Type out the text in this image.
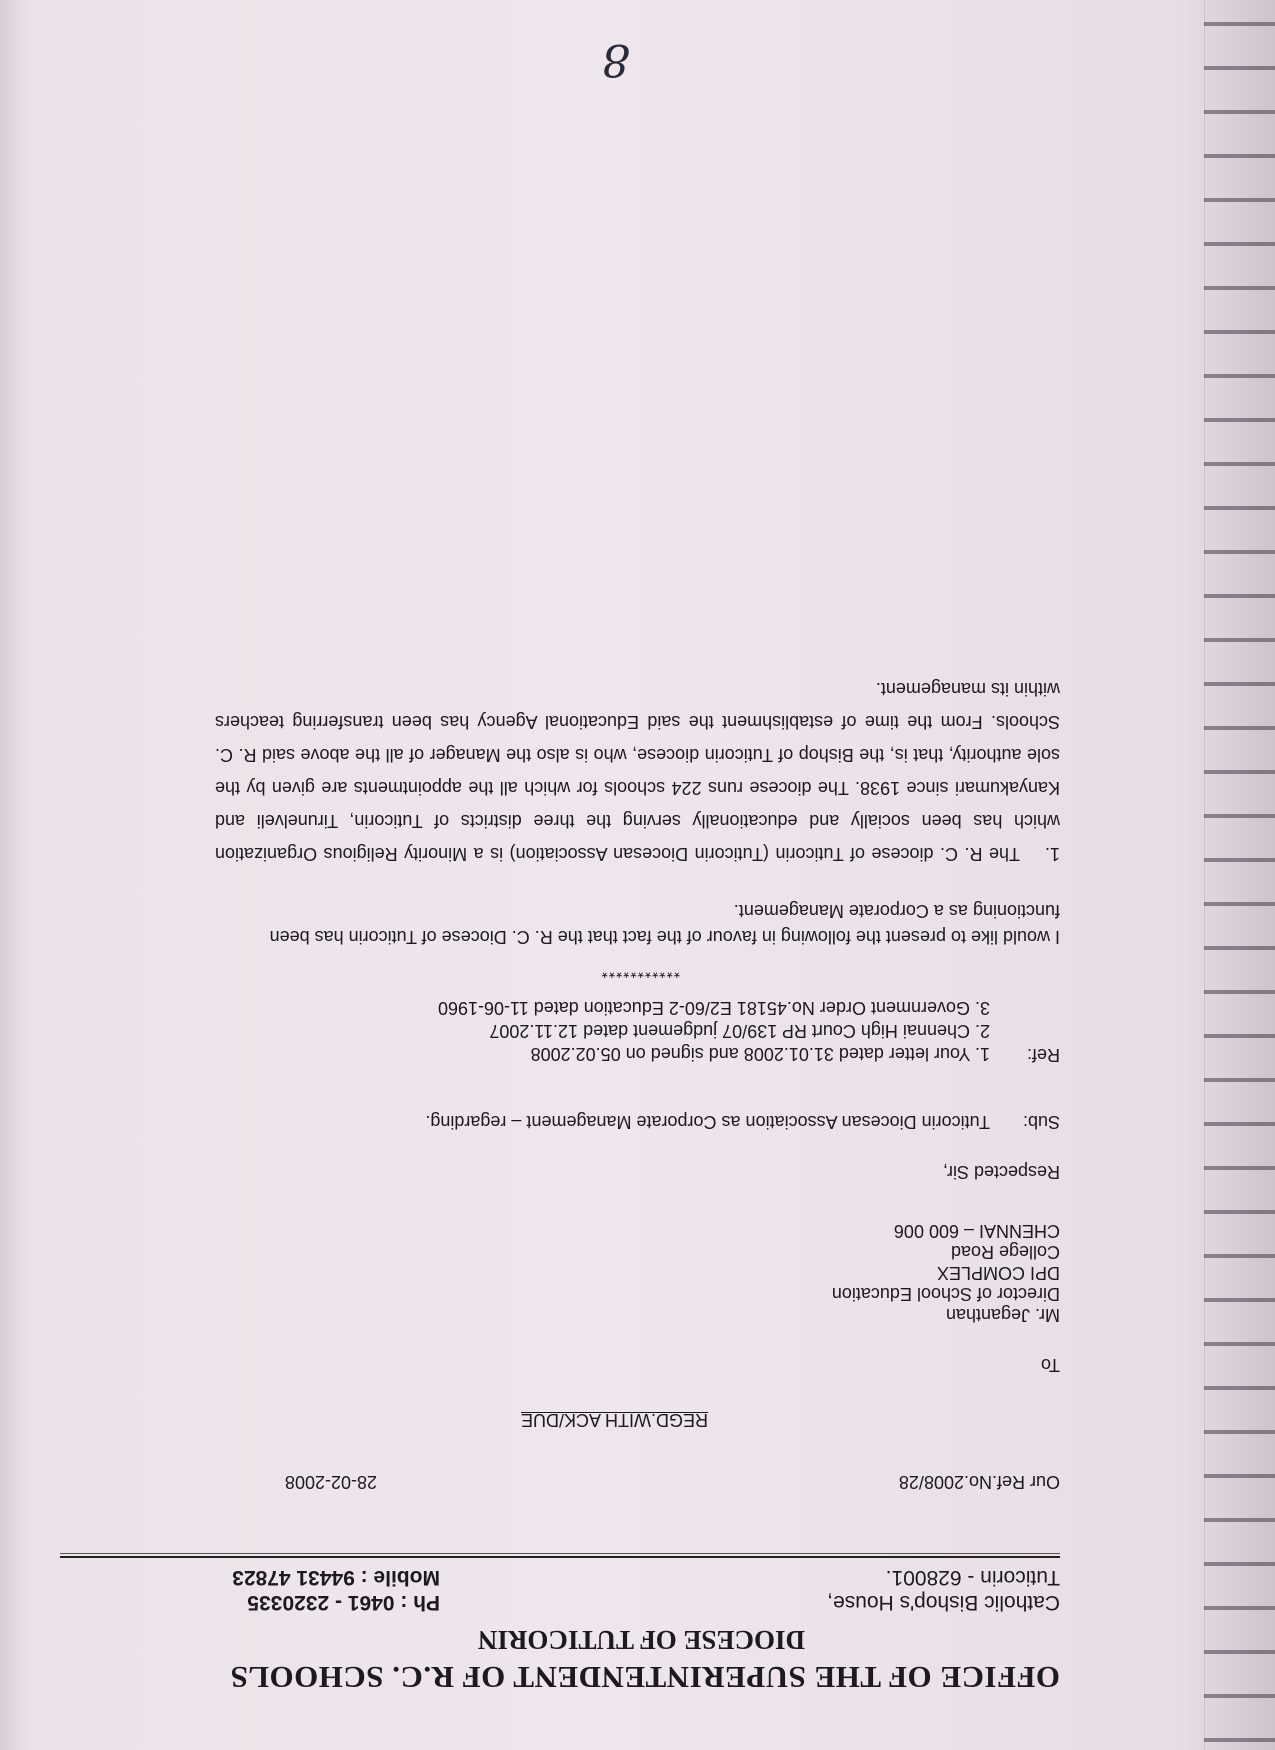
OFFICE OF THE SUPERINTENDENT OF R.C. SCHOOLS
DIOCESE OF TUTICORIN
Catholic Bishop's House,
Tuticorin - 628001.
Ph : 0461 - 2320335
Mobile : 94431 47823
Our Ref.No.2008/28
28-02-2008
REGD.WITH ACK/DUE
To
Mr. Jeganthan
Director of School Education
DPI COMPLEX
College Road
CHENNAI – 600 006
Respected Sir,
Sub:
Tuticorin Diocesan Association as Corporate Management – regarding.
Ref:
1. Your letter dated 31.01.2008 and signed on 05.02.2008
2. Chennai High Court RP 139/07 judgement dated 12.11.2007
3. Government Order No.45181 E2/60-2 Education dated 11-06-1960
***********
I would like to present the following in favour of the fact that the R. C. Diocese of Tuticorin has been functioning as a Corporate Management.
1.The R. C. diocese of Tuticorin (Tuticorin Diocesan Association) is a Minority Religious Organization which has been socially and educationally serving the three districts of Tuticorin, Tirunelveli and Kanyakumari since 1938. The diocese runs 224 schools for which all the appointments are given by the sole authority, that is, the Bishop of Tuticorin diocese, who is also the Manager of all the above said R. C. Schools. From the time of establishment the said Educational Agency has been transferring teachers within its management.
8
